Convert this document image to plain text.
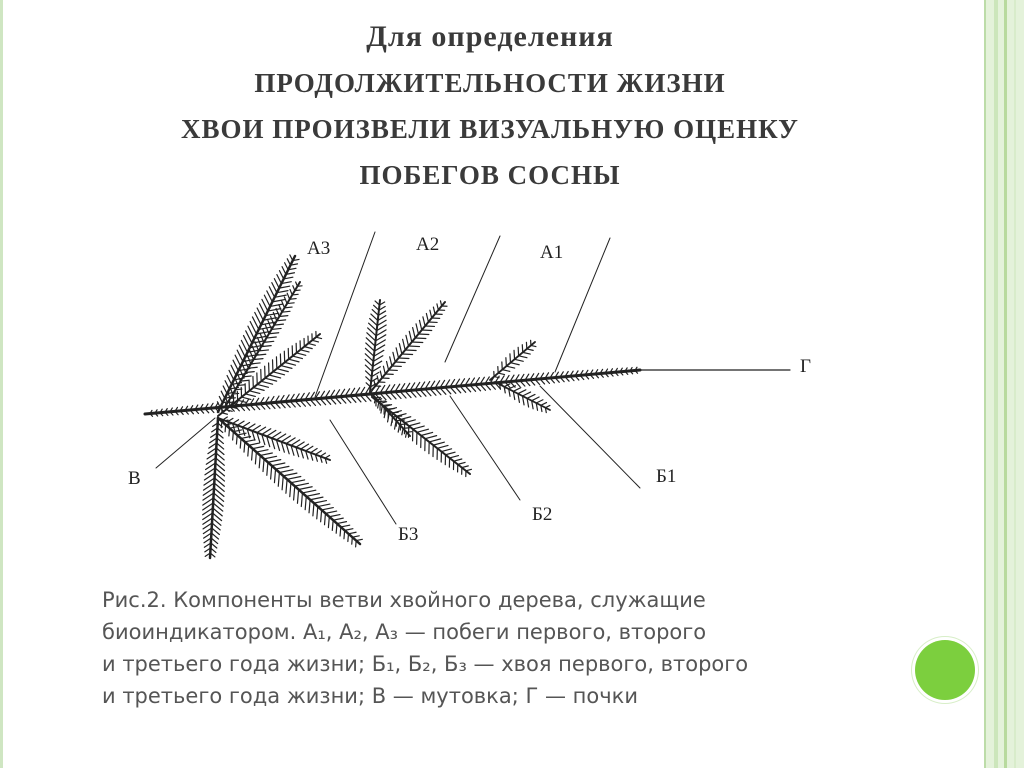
Для определения
ПРОДОЛЖИТЕЛЬНОСТИ ЖИЗНИ
ХВОИ ПРОИЗВЕЛИ ВИЗУАЛЬНУЮ ОЦЕНКУ
ПОБЕГОВ СОСНЫ
А3	А2	А1
Г
В	Б1
Б2
Б3
Рис.2. Компоненты ветви хвойного дерева, служащие
биоиндикатором. А₁, А₂, А₃ — побеги первого, второго
и третьего года жизни; Б₁, Б₂, Б₃ — хвоя первого, второго
и третьего года жизни; В — мутовка; Г — почки
